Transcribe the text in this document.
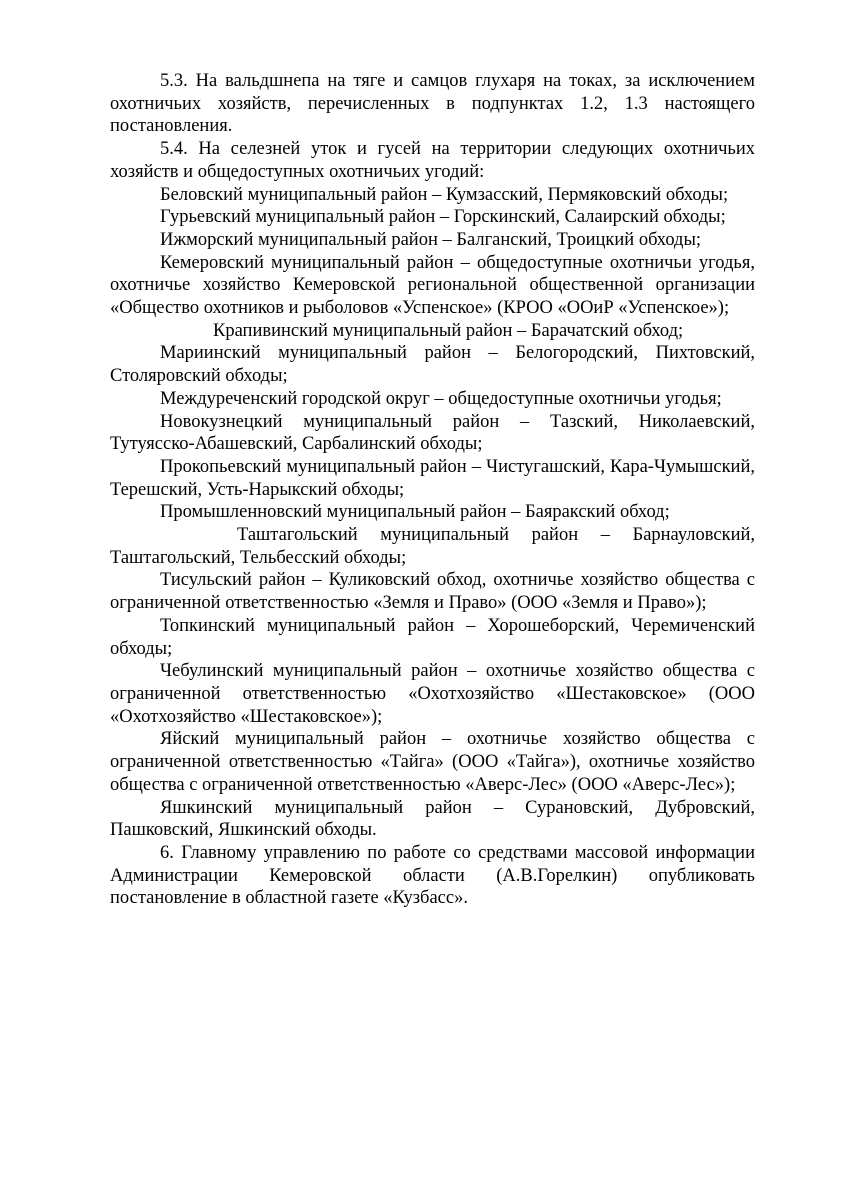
5.3. На вальдшнепа на тяге и самцов глухаря на токах, за исключением охотничьих хозяйств, перечисленных в подпунктах 1.2, 1.3 настоящего постановления.

5.4. На селезней уток и гусей на территории следующих охотничьих хозяйств и общедоступных охотничьих угодий:

Беловский муниципальный район – Кумзасский, Пермяковский обходы;

Гурьевский муниципальный район – Горскинский, Салаирский обходы;

Ижморский муниципальный район – Балганский, Троицкий обходы;

Кемеровский муниципальный район – общедоступные охотничьи угодья, охотничье хозяйство Кемеровской региональной общественной организации «Общество охотников и рыболовов «Успенское» (КРОО «ООиР «Успенское»);

Крапивинский муниципальный район – Барачатский обход;

Мариинский муниципальный район – Белогородский, Пихтовский, Столяровский обходы;

Междуреченский городской округ – общедоступные охотничьи угодья;

Новокузнецкий муниципальный район – Тазский, Николаевский, Тутуясско-Абашевский, Сарбалинский обходы;

Прокопьевский муниципальный район – Чистугашский, Кара-Чумышский, Терешский, Усть-Нарыкский обходы;

Промышленновский муниципальный район – Баяракский обход;

Таштагольский муниципальный район – Барнауловский, Таштагольский, Тельбесский обходы;

Тисульский район – Куликовский обход, охотничье хозяйство общества с ограниченной ответственностью «Земля и Право» (ООО «Земля и Право»);

Топкинский муниципальный район – Хорошеборский, Черемиченский обходы;

Чебулинский муниципальный район – охотничье хозяйство общества с ограниченной ответственностью «Охотхозяйство «Шестаковское» (ООО «Охотхозяйство «Шестаковское»);

Яйский муниципальный район – охотничье хозяйство общества с ограниченной ответственностью «Тайга» (ООО «Тайга»), охотничье хозяйство общества с ограниченной ответственностью «Аверс-Лес» (ООО «Аверс-Лес»);

Яшкинский муниципальный район – Сурановский, Дубровский, Пашковский, Яшкинский обходы.

6. Главному управлению по работе со средствами массовой информации Администрации Кемеровской области (А.В.Горелкин) опубликовать постановление в областной газете «Кузбасс».
